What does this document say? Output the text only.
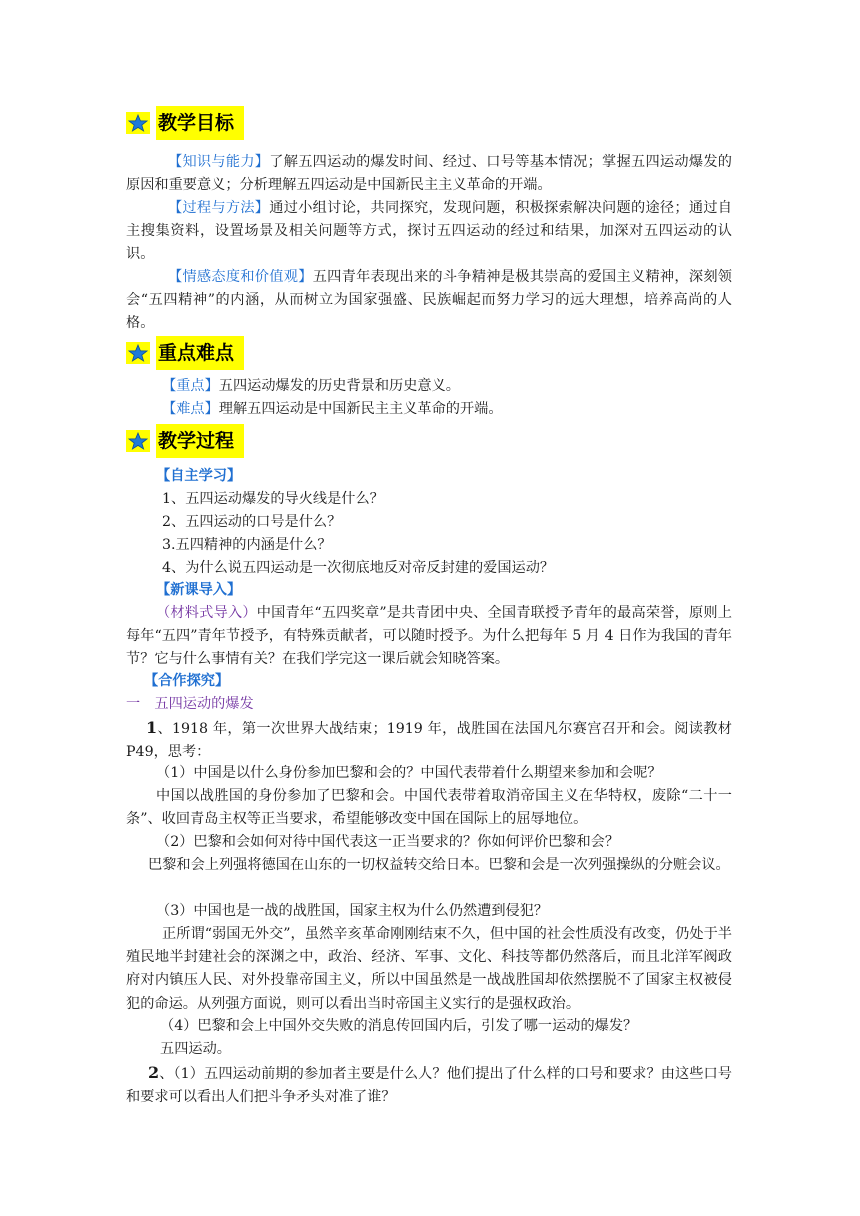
教学目标

【知识与能力】了解五四运动的爆发时间、经过、口号等基本情况；掌握五四运动爆发的原因和重要意义；分析理解五四运动是中国新民主主义革命的开端。

【过程与方法】通过小组讨论，共同探究，发现问题，积极探索解决问题的途径；通过自主搜集资料，设置场景及相关问题等方式，探讨五四运动的经过和结果，加深对五四运动的认识。

【情感态度和价值观】五四青年表现出来的斗争精神是极其崇高的爱国主义精神，深刻领会“五四精神”的内涵，从而树立为国家强盛、民族崛起而努力学习的远大理想，培养高尚的人格。

重点难点

【重点】五四运动爆发的历史背景和历史意义。

【难点】理解五四运动是中国新民主主义革命的开端。

教学过程

【自主学习】

1、五四运动爆发的导火线是什么？

2、五四运动的口号是什么？

3.五四精神的内涵是什么？

4、为什么说五四运动是一次彻底地反对帝反封建的爱国运动？

【新课导入】

（材料式导入）中国青年“五四奖章”是共青团中央、全国青联授予青年的最高荣誉，原则上每年“五四”青年节授予，有特殊贡献者，可以随时授予。为什么把每年 5 月 4 日作为我国的青年节？它与什么事情有关？在我们学完这一课后就会知晓答案。

【合作探究】

一　五四运动的爆发

1、1918 年，第一次世界大战结束；1919 年，战胜国在法国凡尔赛宫召开和会。阅读教材 P49，思考：

（1）中国是以什么身份参加巴黎和会的？中国代表带着什么期望来参加和会呢？

中国以战胜国的身份参加了巴黎和会。中国代表带着取消帝国主义在华特权，废除“二十一条”、收回青岛主权等正当要求，希望能够改变中国在国际上的屈辱地位。

（2）巴黎和会如何对待中国代表这一正当要求的？你如何评价巴黎和会？

巴黎和会上列强将德国在山东的一切权益转交给日本。巴黎和会是一次列强操纵的分赃会议。

（3）中国也是一战的战胜国，国家主权为什么仍然遭到侵犯？

正所谓“弱国无外交”，虽然辛亥革命刚刚结束不久，但中国的社会性质没有改变，仍处于半殖民地半封建社会的深渊之中，政治、经济、军事、文化、科技等都仍然落后，而且北洋军阀政府对内镇压人民、对外投靠帝国主义，所以中国虽然是一战战胜国却依然摆脱不了国家主权被侵犯的命运。从列强方面说，则可以看出当时帝国主义实行的是强权政治。

（4）巴黎和会上中国外交失败的消息传回国内后，引发了哪一运动的爆发？

五四运动。

2、（1）五四运动前期的参加者主要是什么人？他们提出了什么样的口号和要求？由这些口号和要求可以看出人们把斗争矛头对准了谁？
